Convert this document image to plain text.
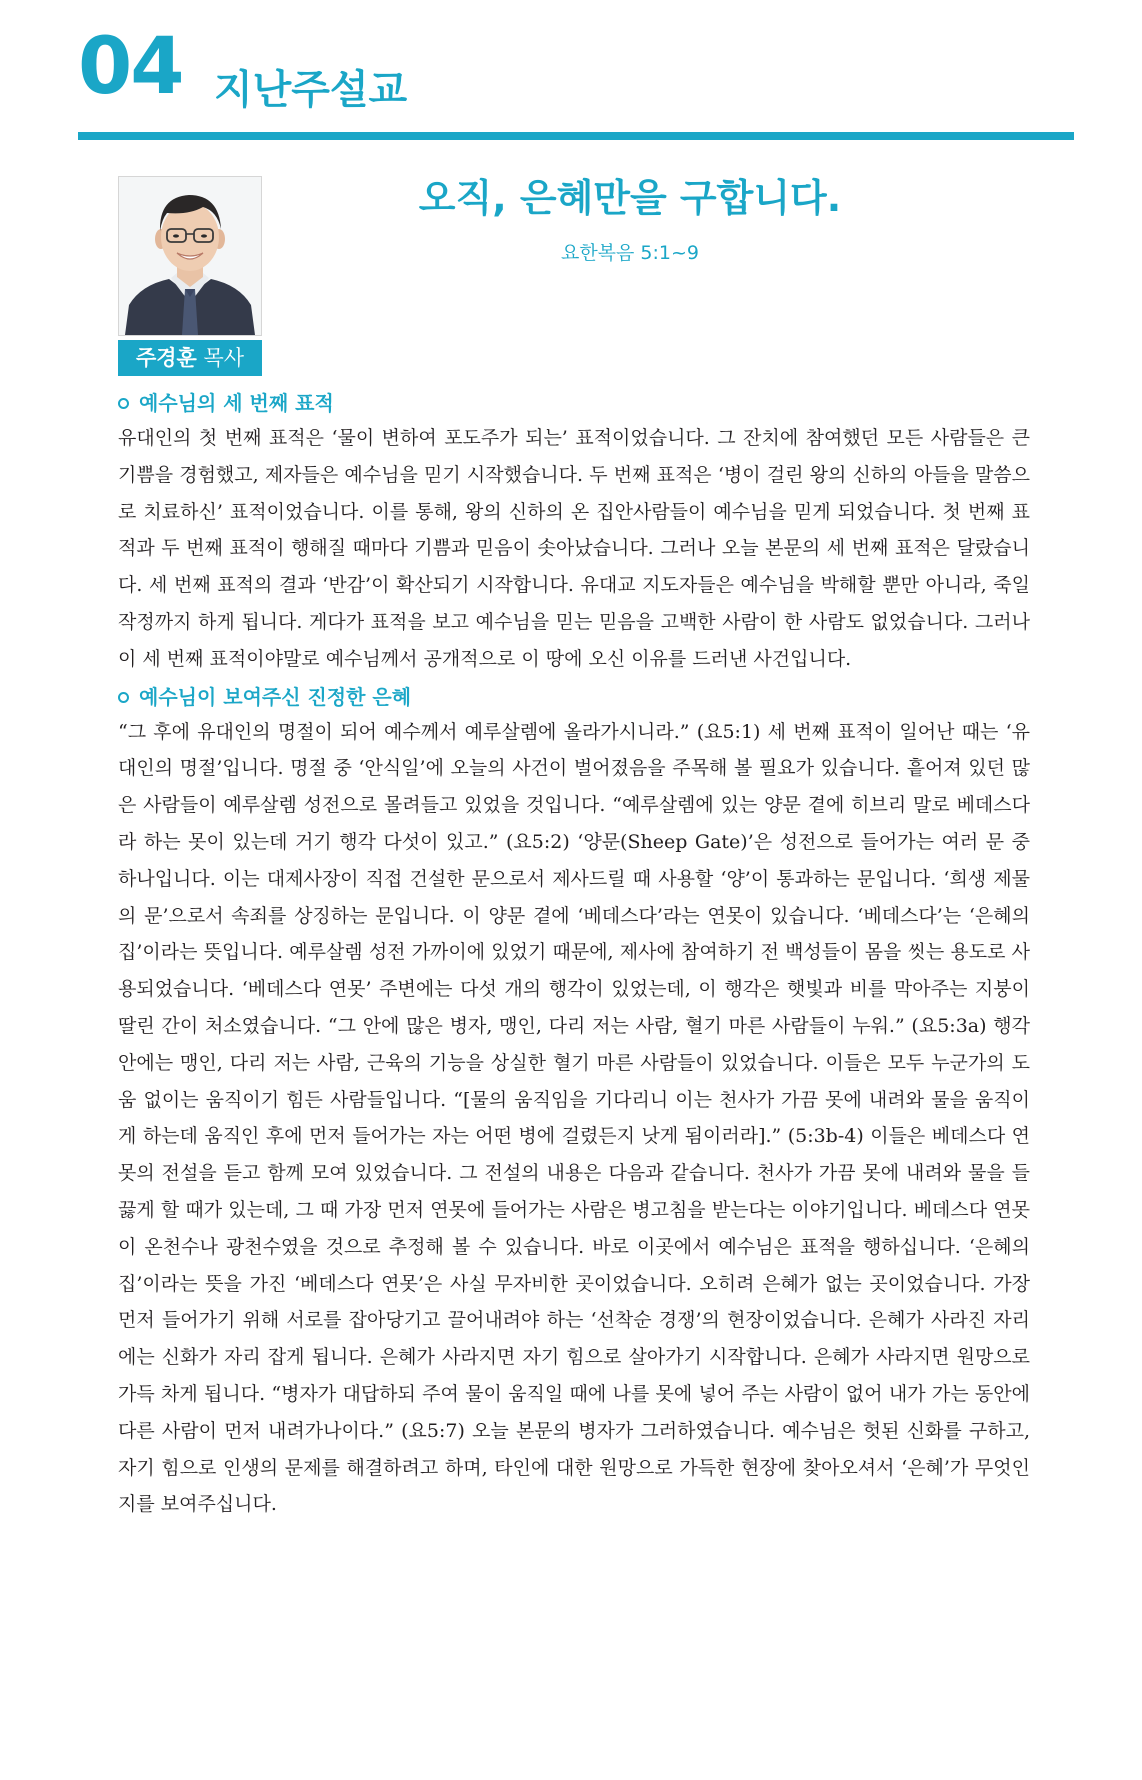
04 지난주설교
주경훈 목사
오직, 은혜만을 구합니다.
요한복음 5:1~9
예수님의 세 번째 표적

유대인의 첫 번째 표적은 ‘물이 변하여 포도주가 되는’ 표적이었습니다. 그 잔치에 참여했던 모든 사람들은 큰 기쁨을 경험했고, 제자들은 예수님을 믿기 시작했습니다. 두 번째 표적은 ‘병이 걸린 왕의 신하의 아들을 말씀으로 치료하신’ 표적이었습니다. 이를 통해, 왕의 신하의 온 집안사람들이 예수님을 믿게 되었습니다. 첫 번째 표적과 두 번째 표적이 행해질 때마다 기쁨과 믿음이 솟아났습니다. 그러나 오늘 본문의 세 번째 표적은 달랐습니다. 세 번째 표적의 결과 ‘반감’이 확산되기 시작합니다. 유대교 지도자들은 예수님을 박해할 뿐만 아니라, 죽일 작정까지 하게 됩니다. 게다가 표적을 보고 예수님을 믿는 믿음을 고백한 사람이 한 사람도 없었습니다. 그러나 이 세 번째 표적이야말로 예수님께서 공개적으로 이 땅에 오신 이유를 드러낸 사건입니다.

예수님이 보여주신 진정한 은혜

“그 후에 유대인의 명절이 되어 예수께서 예루살렘에 올라가시니라.” (요5:1) 세 번째 표적이 일어난 때는 ‘유대인의 명절’입니다. 명절 중 ‘안식일’에 오늘의 사건이 벌어졌음을 주목해 볼 필요가 있습니다. 흩어져 있던 많은 사람들이 예루살렘 성전으로 몰려들고 있었을 것입니다. “예루살렘에 있는 양문 곁에 히브리 말로 베데스다라 하는 못이 있는데 거기 행각 다섯이 있고.” (요5:2) ‘양문(Sheep Gate)’은 성전으로 들어가는 여러 문 중 하나입니다. 이는 대제사장이 직접 건설한 문으로서 제사드릴 때 사용할 ‘양’이 통과하는 문입니다. ‘희생 제물의 문’으로서 속죄를 상징하는 문입니다. 이 양문 곁에 ‘베데스다’라는 연못이 있습니다. ‘베데스다’는 ‘은혜의 집’이라는 뜻입니다. 예루살렘 성전 가까이에 있었기 때문에, 제사에 참여하기 전 백성들이 몸을 씻는 용도로 사용되었습니다. ‘베데스다 연못’ 주변에는 다섯 개의 행각이 있었는데, 이 행각은 햇빛과 비를 막아주는 지붕이 딸린 간이 처소였습니다. “그 안에 많은 병자, 맹인, 다리 저는 사람, 혈기 마른 사람들이 누워.” (요5:3a) 행각 안에는 맹인, 다리 저는 사람, 근육의 기능을 상실한 혈기 마른 사람들이 있었습니다. 이들은 모두 누군가의 도움 없이는 움직이기 힘든 사람들입니다. “[물의 움직임을 기다리니 이는 천사가 가끔 못에 내려와 물을 움직이게 하는데 움직인 후에 먼저 들어가는 자는 어떤 병에 걸렸든지 낫게 됨이러라].” (5:3b-4) 이들은 베데스다 연못의 전설을 듣고 함께 모여 있었습니다. 그 전설의 내용은 다음과 같습니다. 천사가 가끔 못에 내려와 물을 들끓게 할 때가 있는데, 그 때 가장 먼저 연못에 들어가는 사람은 병고침을 받는다는 이야기입니다. 베데스다 연못이 온천수나 광천수였을 것으로 추정해 볼 수 있습니다. 바로 이곳에서 예수님은 표적을 행하십니다. ‘은혜의 집’이라는 뜻을 가진 ‘베데스다 연못’은 사실 무자비한 곳이었습니다. 오히려 은혜가 없는 곳이었습니다. 가장 먼저 들어가기 위해 서로를 잡아당기고 끌어내려야 하는 ‘선착순 경쟁’의 현장이었습니다. 은혜가 사라진 자리에는 신화가 자리 잡게 됩니다. 은혜가 사라지면 자기 힘으로 살아가기 시작합니다. 은혜가 사라지면 원망으로 가득 차게 됩니다. “병자가 대답하되 주여 물이 움직일 때에 나를 못에 넣어 주는 사람이 없어 내가 가는 동안에 다른 사람이 먼저 내려가나이다.” (요5:7) 오늘 본문의 병자가 그러하였습니다. 예수님은 헛된 신화를 구하고, 자기 힘으로 인생의 문제를 해결하려고 하며, 타인에 대한 원망으로 가득한 현장에 찾아오셔서 ‘은혜’가 무엇인지를 보여주십니다.
